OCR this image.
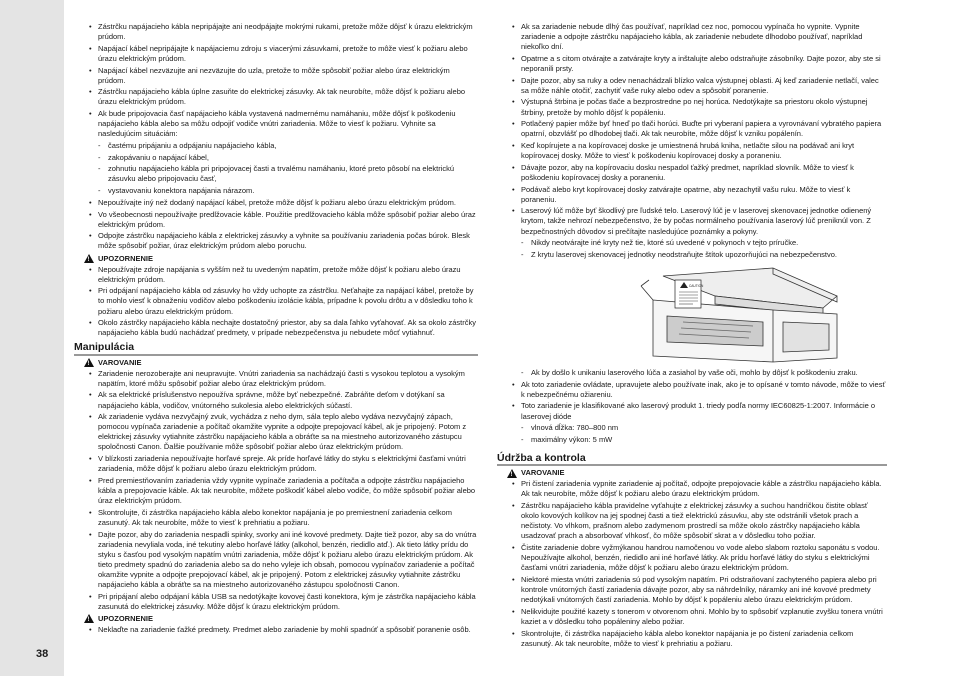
38
• Zástrčku napájacieho kábla nepripájajte ani neodpájajte mokrými rukami, pretože môže dôjsť k úrazu elektrickým prúdom.
• Napájací kábel nepripájajte k napájaciemu zdroju s viacerými zásuvkami, pretože to môže viesť k požiaru alebo úrazu elektrickým prúdom.
• Napájací kábel nezväzujte ani nezväzujte do uzla, pretože to môže spôsobiť požiar alebo úraz elektrickým prúdom.
• Zástrčku napájacieho kábla úplne zasuňte do elektrickej zásuvky. Ak tak neurobíte, môže dôjsť k požiaru alebo úrazu elektrickým prúdom.
• Ak bude pripojovacia časť napájacieho kábla vystavená nadmernému namáhaniu, môže dôjsť k poškodeniu napájacieho kábla alebo sa môžu odpojiť vodiče vnútri zariadenia. Môže to viesť k požiaru. Vyhnite sa nasledujúcim situáciám:
- častému pripájaniu a odpájaniu napájacieho kábla,
- zakopávaniu o napájací kábel,
- zohnutiu napájacieho kábla pri pripojovacej časti a trvalému namáhaniu, ktoré preto pôsobí na elektrickú zásuvku alebo pripojovaciu časť,
- vystavovaniu konektora napájania nárazom.
• Nepoužívajte iný než dodaný napájací kábel, pretože môže dôjsť k požiaru alebo úrazu elektrickým prúdom.
• Vo všeobecnosti nepoužívajte predlžovacie káble. Použitie predlžovacieho kábla môže spôsobiť požiar alebo úraz elektrickým prúdom.
• Odpojte zástrčku napájacieho kábla z elektrickej zásuvky a vyhnite sa používaniu zariadenia počas búrok. Blesk môže spôsobiť požiar, úraz elektrickým prúdom alebo poruchu.
!
UPOZORNENIE
• Nepoužívajte zdroje napájania s vyšším než tu uvedeným napätím, pretože môže dôjsť k požiaru alebo úrazu elektrickým prúdom.
• Pri odpájaní napájacieho kábla od zásuvky ho vždy uchopte za zástrčku. Neťahajte za napájací kábel, pretože by to mohlo viesť k obnaženiu vodičov alebo poškodeniu izolácie kábla, prípadne k povolu drôtu a v dôsledku toho k požiaru alebo úrazu elektrickým prúdom.
• Okolo zástrčky napájacieho kábla nechajte dostatočný priestor, aby sa dala ľahko vyťahovať. Ak sa okolo zástrčky napájacieho kábla budú nachádzať predmety, v prípade nebezpečenstva ju nebudete môcť vytiahnuť.
Manipulácia
!
VAROVANIE
• Zariadenie nerozoberajte ani neupravujte. Vnútri zariadenia sa nachádzajú časti s vysokou teplotou a vysokým napätím, ktoré môžu spôsobiť požiar alebo úraz elektrickým prúdom.
• Ak sa elektrické príslušenstvo nepoužíva správne, môže byť nebezpečné. Zabráňte deťom v dotýkaní sa napájacieho kábla, vodičov, vnútorného sukolesia alebo elektrických súčastí.
• Ak zariadenie vydáva nezvyčajný zvuk, vychádza z neho dym, sála teplo alebo vydáva nezvyčajný zápach, pomocou vypínača zariadenie a počítač okamžite vypnite a odpojte prepojovací kábel, ak je pripojený. Potom z elektrickej zásuvky vytiahnite zástrčku napájacieho kábla a obráťte sa na miestneho autorizovaného zástupcu spoločnosti Canon. Ďalšie používanie môže spôsobiť požiar alebo úraz elektrickým prúdom.
• V blízkosti zariadenia nepoužívajte horľavé spreje. Ak príde horľavé látky do styku s elektrickými časťami vnútri zariadenia, môže dôjsť k požiaru alebo úrazu elektrickým prúdom.
• Pred premiestňovaním zariadenia vždy vypnite vypínače zariadenia a počítača a odpojte zástrčku napájacieho kábla a prepojovacie káble. Ak tak neurobíte, môžete poškodiť kábel alebo vodiče, čo môže spôsobiť požiar alebo úraz elektrickým prúdom.
• Skontrolujte, či zástrčka napájacieho kábla alebo konektor napájania je po premiestnení zariadenia celkom zasunutý. Ak tak neurobíte, môže to viesť k prehriatiu a požiaru.
• Dajte pozor, aby do zariadenia nespadli spinky, svorky ani iné kovové predmety. Dajte tiež pozor, aby sa do vnútra zariadenia nevyliala voda, iné tekutiny alebo horľavé látky (alkohol, benzén, riedidlo atď.). Ak tieto látky prídu do styku s časťou pod vysokým napätím vnútri zariadenia, môže dôjsť k požiaru alebo úrazu elektrickým prúdom. Ak tieto predmety spadnú do zariadenia alebo sa do neho vyleje ich obsah, pomocou vypínačov zariadenie a počítač okamžite vypnite a odpojte prepojovací kábel, ak je pripojený. Potom z elektrickej zásuvky vytiahnite zástrčku napájacieho kábla a obráťte sa na miestneho autorizovaného zástupcu spoločnosti Canon.
• Pri pripájaní alebo odpájaní kábla USB sa nedotýkajte kovovej časti konektora, kým je zástrčka napájacieho kábla zasunutá do elektrickej zásuvky. Môže dôjsť k úrazu elektrickým prúdom.
!
UPOZORNENIE
• Neklaďte na zariadenie ťažké predmety. Predmet alebo zariadenie by mohli spadnúť a spôsobiť poranenie osôb.
• Ak sa zariadenie nebude dlhý čas používať, napríklad cez noc, pomocou vypínača ho vypnite. Vypnite zariadenie a odpojte zástrčku napájacieho kábla, ak zariadenie nebudete dlhodobo používať, napríklad niekoľko dní.
• Opatrne a s citom otvárajte a zatvárajte kryty a inštalujte alebo odstraňujte zásobníky. Dajte pozor, aby ste si neporanili prsty.
• Dajte pozor, aby sa ruky a odev nenachádzali blízko valca výstupnej oblasti. Aj keď zariadenie netlačí, valec sa môže náhle otočiť, zachytiť vaše ruky alebo odev a spôsobiť poranenie.
• Výstupná štrbina je počas tlače a bezprostredne po nej horúca. Nedotýkajte sa priestoru okolo výstupnej štrbiny, pretože by mohlo dôjsť k popáleniu.
• Potlačený papier môže byť hneď po tlači horúci. Buďte pri vyberaní papiera a vyrovnávaní vybratého papiera opatrní, obzvlášť po dlhodobej tlači. Ak tak neurobíte, môže dôjsť k vzniku popálenín.
• Keď kopírujete a na kopírovacej doske je umiestnená hrubá kniha, netlačte silou na podávač ani kryt kopírovacej dosky. Môže to viesť k poškodeniu kopírovacej dosky a poraneniu.
• Dávajte pozor, aby na kopírovaciu dosku nespadol ťažký predmet, napríklad slovník. Môže to viesť k poškodeniu kopírovacej dosky a poraneniu.
• Podávač alebo kryt kopírovacej dosky zatvárajte opatrne, aby nezachytil vašu ruku. Môže to viesť k poraneniu.
• Laserový lúč môže byť škodlivý pre ľudské telo. Laserový lúč je v laserovej skenovacej jednotke odienený krytom, takže nehrozí nebezpečenstvo, že by počas normálneho používania laserový lúč preniknúl von. Z bezpečnostných dôvodov si prečítajte nasledujúce poznámky a pokyny.
- Nikdy neotvárajte iné kryty než tie, ktoré sú uvedené v pokynoch v tejto príručke.
- Z krytu laserovej skenovacej jednotky neodstraňujte štítok upozorňujúci na nebezpečenstvo.
CAUTION
- Ak by došlo k unikaniu laserového lúča a zasiahol by vaše oči, mohlo by dôjsť k poškodeniu zraku.
• Ak toto zariadenie ovládate, upravujete alebo používate inak, ako je to opísané v tomto návode, môže to viesť k nebezpečnému ožiareniu.
• Toto zariadenie je klasifikované ako laserový produkt 1. triedy podľa normy IEC60825-1:2007. Informácie o laserovej dióde
- vlnová dĺžka: 780–800 nm
- maximálny výkon: 5 mW
Údržba a kontrola
!
VAROVANIE
• Pri čistení zariadenia vypnite zariadenie aj počítač, odpojte prepojovacie káble a zástrčku napájacieho kábla. Ak tak neurobíte, môže dôjsť k požiaru alebo úrazu elektrickým prúdom.
• Zástrčku napájacieho kábla pravidelne vyťahujte z elektrickej zásuvky a suchou handričkou čistite oblasť okolo kovových kolíkov na jej spodnej časti a tiež elektrickú zásuvku, aby ste odstránili všetok prach a nečistoty. Vo vlhkom, prašnom alebo zadymenom prostredí sa môže okolo zástrčky napájacieho kábla usadzovať prach a absorbovať vlhkosť, čo môže spôsobiť skrat a v dôsledku toho požiar.
• Čistite zariadenie dobre vyžmýkanou handrou namočenou vo vode alebo slabom roztoku saponátu s vodou. Nepoužívajte alkohol, benzén, riedidlo ani iné horľavé látky. Ak prídu horľavé látky do styku s elektrickými časťami vnútri zariadenia, môže dôjsť k požiaru alebo úrazu elektrickým prúdom.
• Niektoré miesta vnútri zariadenia sú pod vysokým napätím. Pri odstraňovaní zachyteného papiera alebo pri kontrole vnútorných častí zariadenia dávajte pozor, aby sa náhrdelníky, náramky ani iné kovové predmety nedotýkali vnútorných častí zariadenia. Mohlo by dôjsť k popáleniu alebo úrazu elektrickým prúdom.
• Nelikvidujte použité kazety s tonerom v otvorenom ohni. Mohlo by to spôsobiť vzplanutie zvyšku tonera vnútri kaziet a v dôsledku toho popáleniny alebo požiar.
• Skontrolujte, či zástrčka napájacieho kábla alebo konektor napájania je po čistení zariadenia celkom zasunutý. Ak tak neurobíte, môže to viesť k prehriatiu a požiaru.
